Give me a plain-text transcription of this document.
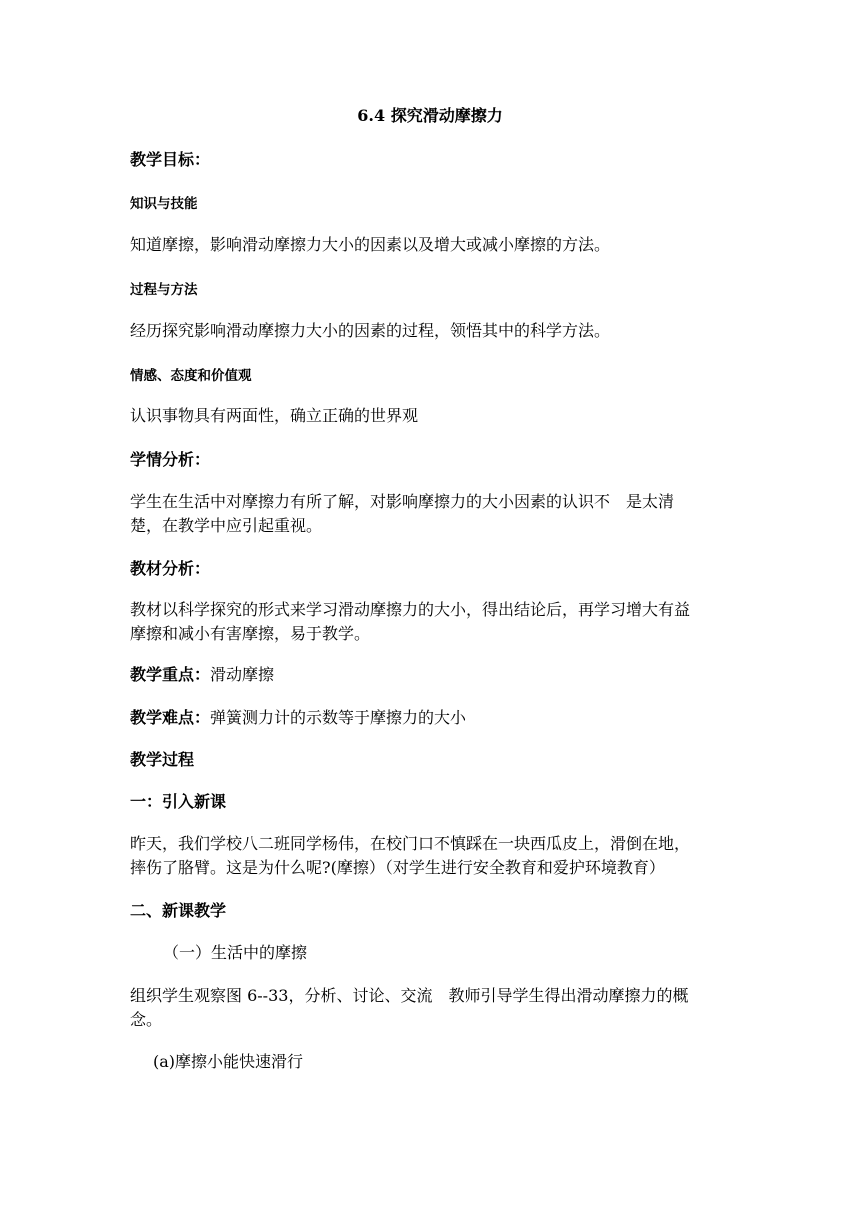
6.4 探究滑动摩擦力
教学目标：
知识与技能
知道摩擦，影响滑动摩擦力大小的因素以及增大或减小摩擦的方法。
过程与方法
经历探究影响滑动摩擦力大小的因素的过程，领悟其中的科学方法。
情感、态度和价值观
认识事物具有两面性，确立正确的世界观
学情分析：
学生在生活中对摩擦力有所了解，对影响摩擦力的大小因素的认识不　是太清
楚，在教学中应引起重视。
教材分析：
教材以科学探究的形式来学习滑动摩擦力的大小，得出结论后，再学习增大有益
摩擦和减小有害摩擦，易于教学。
教学重点：滑动摩擦
教学难点：弹簧测力计的示数等于摩擦力的大小
教学过程
一：引入新课
昨天，我们学校八二班同学杨伟，在校门口不慎踩在一块西瓜皮上，滑倒在地，
摔伤了胳臂。这是为什么呢?(摩擦）（对学生进行安全教育和爱护环境教育）
二、新课教学
（一）生活中的摩擦
组织学生观察图 6--33，分析、讨论、交流　教师引导学生得出滑动摩擦力的概
念。
(a)摩擦小能快速滑行
